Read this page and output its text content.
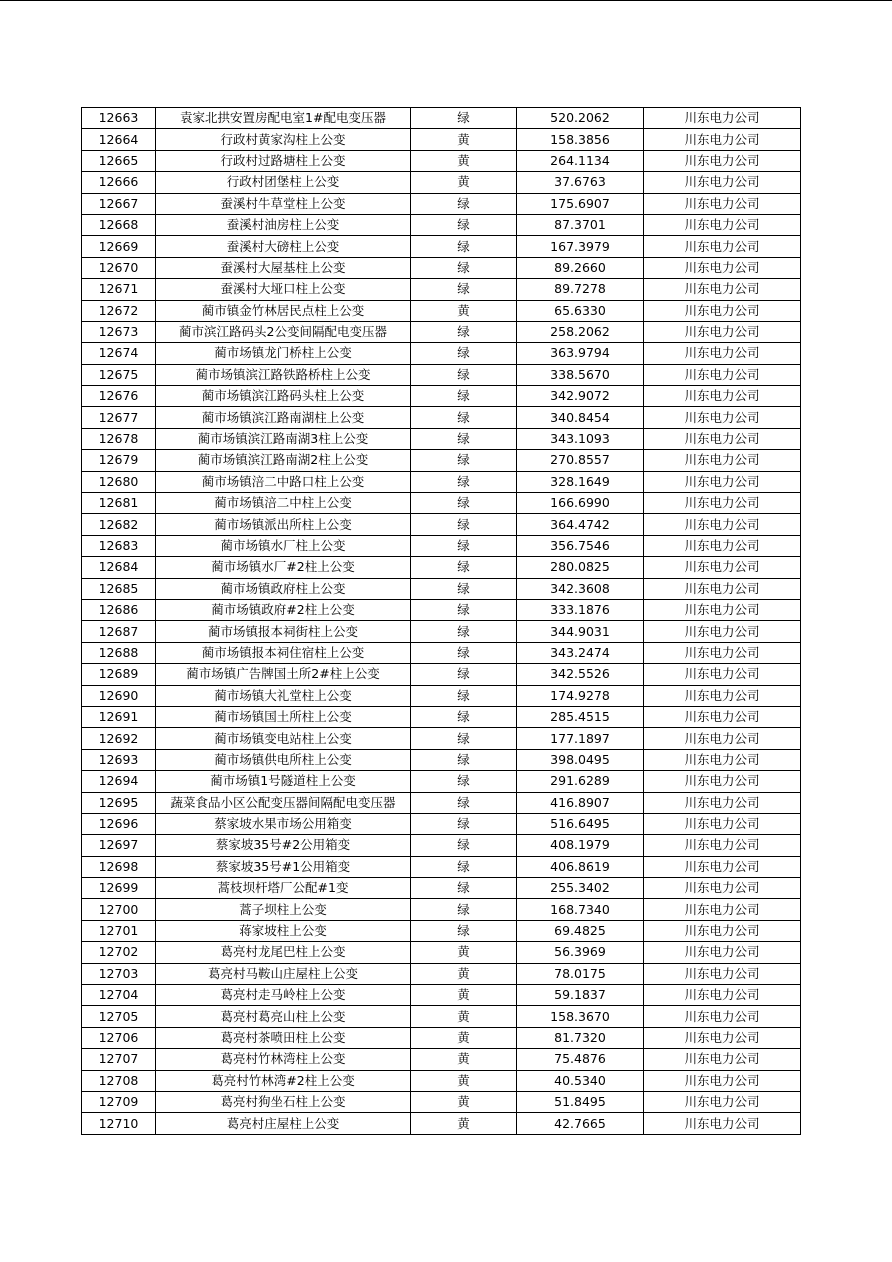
12663	袁家北拱安置房配电室1#配电变压器	绿	520.2062	川东电力公司
12664	行政村黄家沟柱上公变	黄	158.3856	川东电力公司
12665	行政村过路塘柱上公变	黄	264.1134	川东电力公司
12666	行政村团堡柱上公变	黄	37.6763	川东电力公司
12667	蚕溪村牛草堂柱上公变	绿	175.6907	川东电力公司
12668	蚕溪村油房柱上公变	绿	87.3701	川东电力公司
12669	蚕溪村大磅柱上公变	绿	167.3979	川东电力公司
12670	蚕溪村大屋基柱上公变	绿	89.2660	川东电力公司
12671	蚕溪村大垭口柱上公变	绿	89.7278	川东电力公司
12672	蔺市镇金竹林居民点柱上公变	黄	65.6330	川东电力公司
12673	蔺市滨江路码头2公变间隔配电变压器	绿	258.2062	川东电力公司
12674	蔺市场镇龙门桥柱上公变	绿	363.9794	川东电力公司
12675	蔺市场镇滨江路铁路桥柱上公变	绿	338.5670	川东电力公司
12676	蔺市场镇滨江路码头柱上公变	绿	342.9072	川东电力公司
12677	蔺市场镇滨江路南湖柱上公变	绿	340.8454	川东电力公司
12678	蔺市场镇滨江路南湖3柱上公变	绿	343.1093	川东电力公司
12679	蔺市场镇滨江路南湖2柱上公变	绿	270.8557	川东电力公司
12680	蔺市场镇涪二中路口柱上公变	绿	328.1649	川东电力公司
12681	蔺市场镇涪二中柱上公变	绿	166.6990	川东电力公司
12682	蔺市场镇派出所柱上公变	绿	364.4742	川东电力公司
12683	蔺市场镇水厂柱上公变	绿	356.7546	川东电力公司
12684	蔺市场镇水厂#2柱上公变	绿	280.0825	川东电力公司
12685	蔺市场镇政府柱上公变	绿	342.3608	川东电力公司
12686	蔺市场镇政府#2柱上公变	绿	333.1876	川东电力公司
12687	蔺市场镇报本祠街柱上公变	绿	344.9031	川东电力公司
12688	蔺市场镇报本祠住宿柱上公变	绿	343.2474	川东电力公司
12689	蔺市场镇广告牌国土所2#柱上公变	绿	342.5526	川东电力公司
12690	蔺市场镇大礼堂柱上公变	绿	174.9278	川东电力公司
12691	蔺市场镇国土所柱上公变	绿	285.4515	川东电力公司
12692	蔺市场镇变电站柱上公变	绿	177.1897	川东电力公司
12693	蔺市场镇供电所柱上公变	绿	398.0495	川东电力公司
12694	蔺市场镇1号隧道柱上公变	绿	291.6289	川东电力公司
12695	蔬菜食品小区公配变压器间隔配电变压器	绿	416.8907	川东电力公司
12696	蔡家坡水果市场公用箱变	绿	516.6495	川东电力公司
12697	蔡家坡35号#2公用箱变	绿	408.1979	川东电力公司
12698	蔡家坡35号#1公用箱变	绿	406.8619	川东电力公司
12699	蒿枝坝杆塔厂公配#1变	绿	255.3402	川东电力公司
12700	蒿子坝柱上公变	绿	168.7340	川东电力公司
12701	蒋家坡柱上公变	绿	69.4825	川东电力公司
12702	葛亮村龙尾巴柱上公变	黄	56.3969	川东电力公司
12703	葛亮村马鞍山庄屋柱上公变	黄	78.0175	川东电力公司
12704	葛亮村走马岭柱上公变	黄	59.1837	川东电力公司
12705	葛亮村葛亮山柱上公变	黄	158.3670	川东电力公司
12706	葛亮村茶喷田柱上公变	黄	81.7320	川东电力公司
12707	葛亮村竹林湾柱上公变	黄	75.4876	川东电力公司
12708	葛亮村竹林湾#2柱上公变	黄	40.5340	川东电力公司
12709	葛亮村狗坐石柱上公变	黄	51.8495	川东电力公司
12710	葛亮村庄屋柱上公变	黄	42.7665	川东电力公司
